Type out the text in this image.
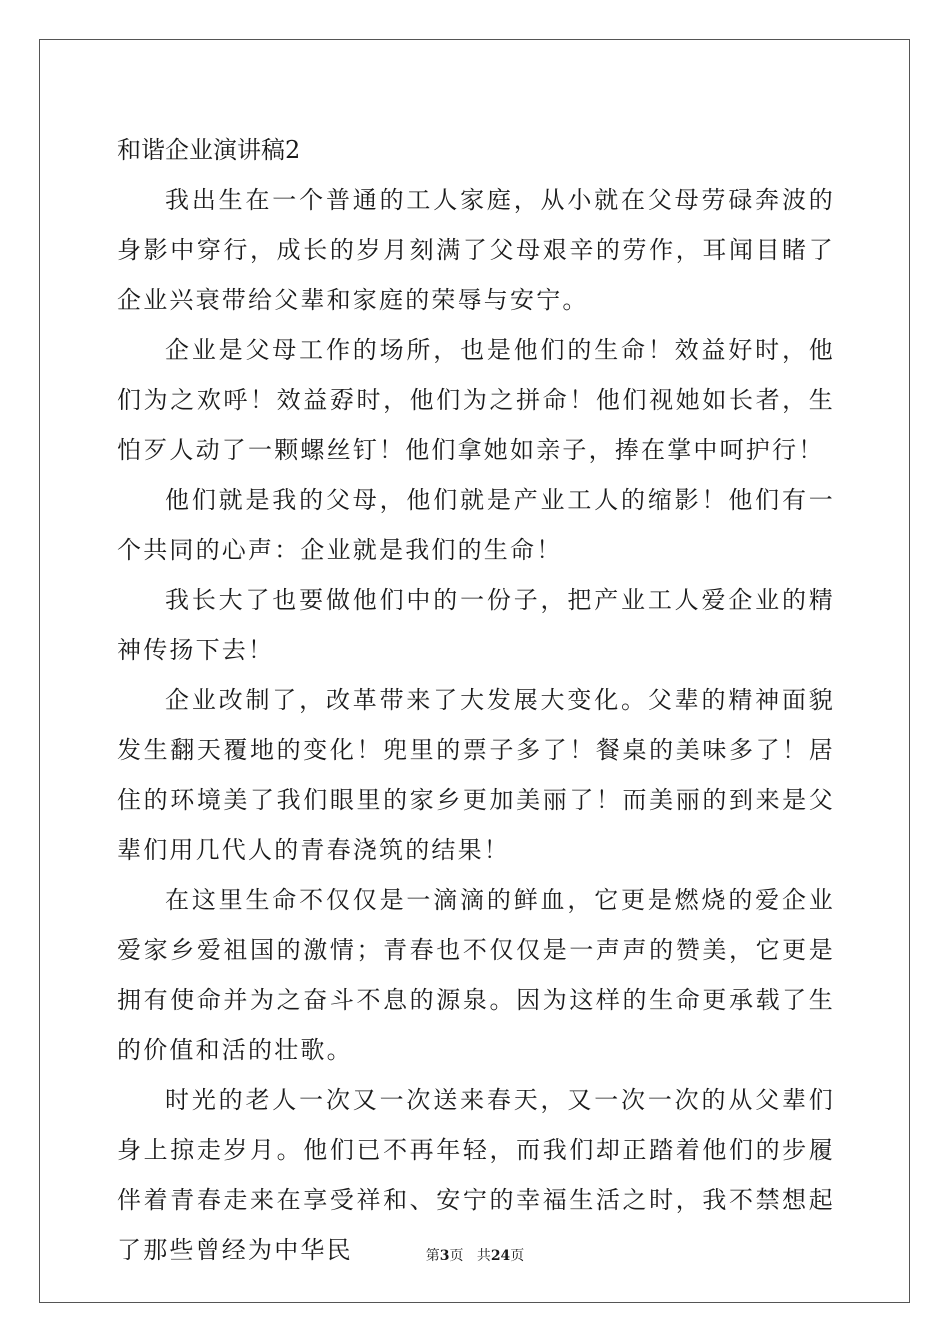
和谐企业演讲稿2

我出生在一个普通的工人家庭，从小就在父母劳碌奔波的身影中穿行，成长的岁月刻满了父母艰辛的劳作，耳闻目睹了企业兴衰带给父辈和家庭的荣辱与安宁。

企业是父母工作的场所，也是他们的生命！效益好时，他们为之欢呼！效益孬时，他们为之拼命！他们视她如长者，生怕歹人动了一颗螺丝钉！他们拿她如亲子，捧在掌中呵护行！

他们就是我的父母，他们就是产业工人的缩影！他们有一个共同的心声：企业就是我们的生命！

我长大了也要做他们中的一份子，把产业工人爱企业的精神传扬下去！

企业改制了，改革带来了大发展大变化。父辈的精神面貌发生翻天覆地的变化！兜里的票子多了！餐桌的美味多了！居住的环境美了我们眼里的家乡更加美丽了！而美丽的到来是父辈们用几代人的青春浇筑的结果！

在这里生命不仅仅是一滴滴的鲜血，它更是燃烧的爱企业爱家乡爱祖国的激情；青春也不仅仅是一声声的赞美，它更是拥有使命并为之奋斗不息的源泉。因为这样的生命更承载了生的价值和活的壮歌。

时光的老人一次又一次送来春天，又一次一次的从父辈们身上掠走岁月。他们已不再年轻，而我们却正踏着他们的步履伴着青春走来在享受祥和、安宁的幸福生活之时，我不禁想起了那些曾经为中华民	第3页 共24页
